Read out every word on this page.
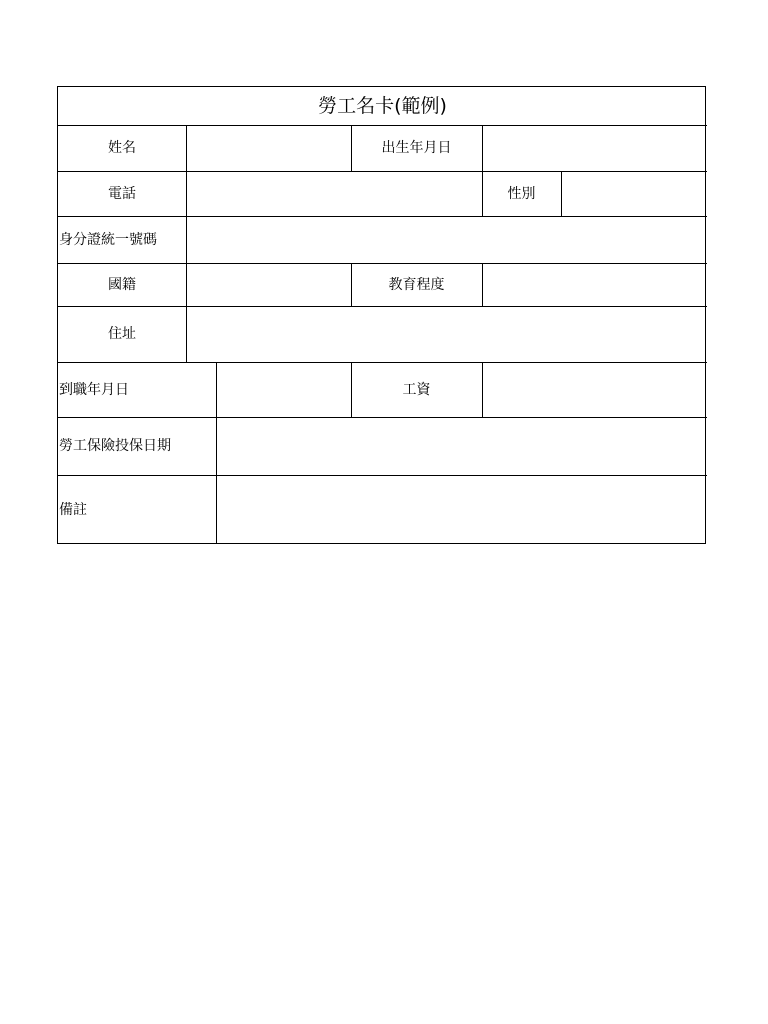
勞工名卡(範例)
姓名	出生年月日
電話	性別
身分證統一號碼
國籍	教育程度
住址
到職年月日	工資
勞工保險投保日期
備註
